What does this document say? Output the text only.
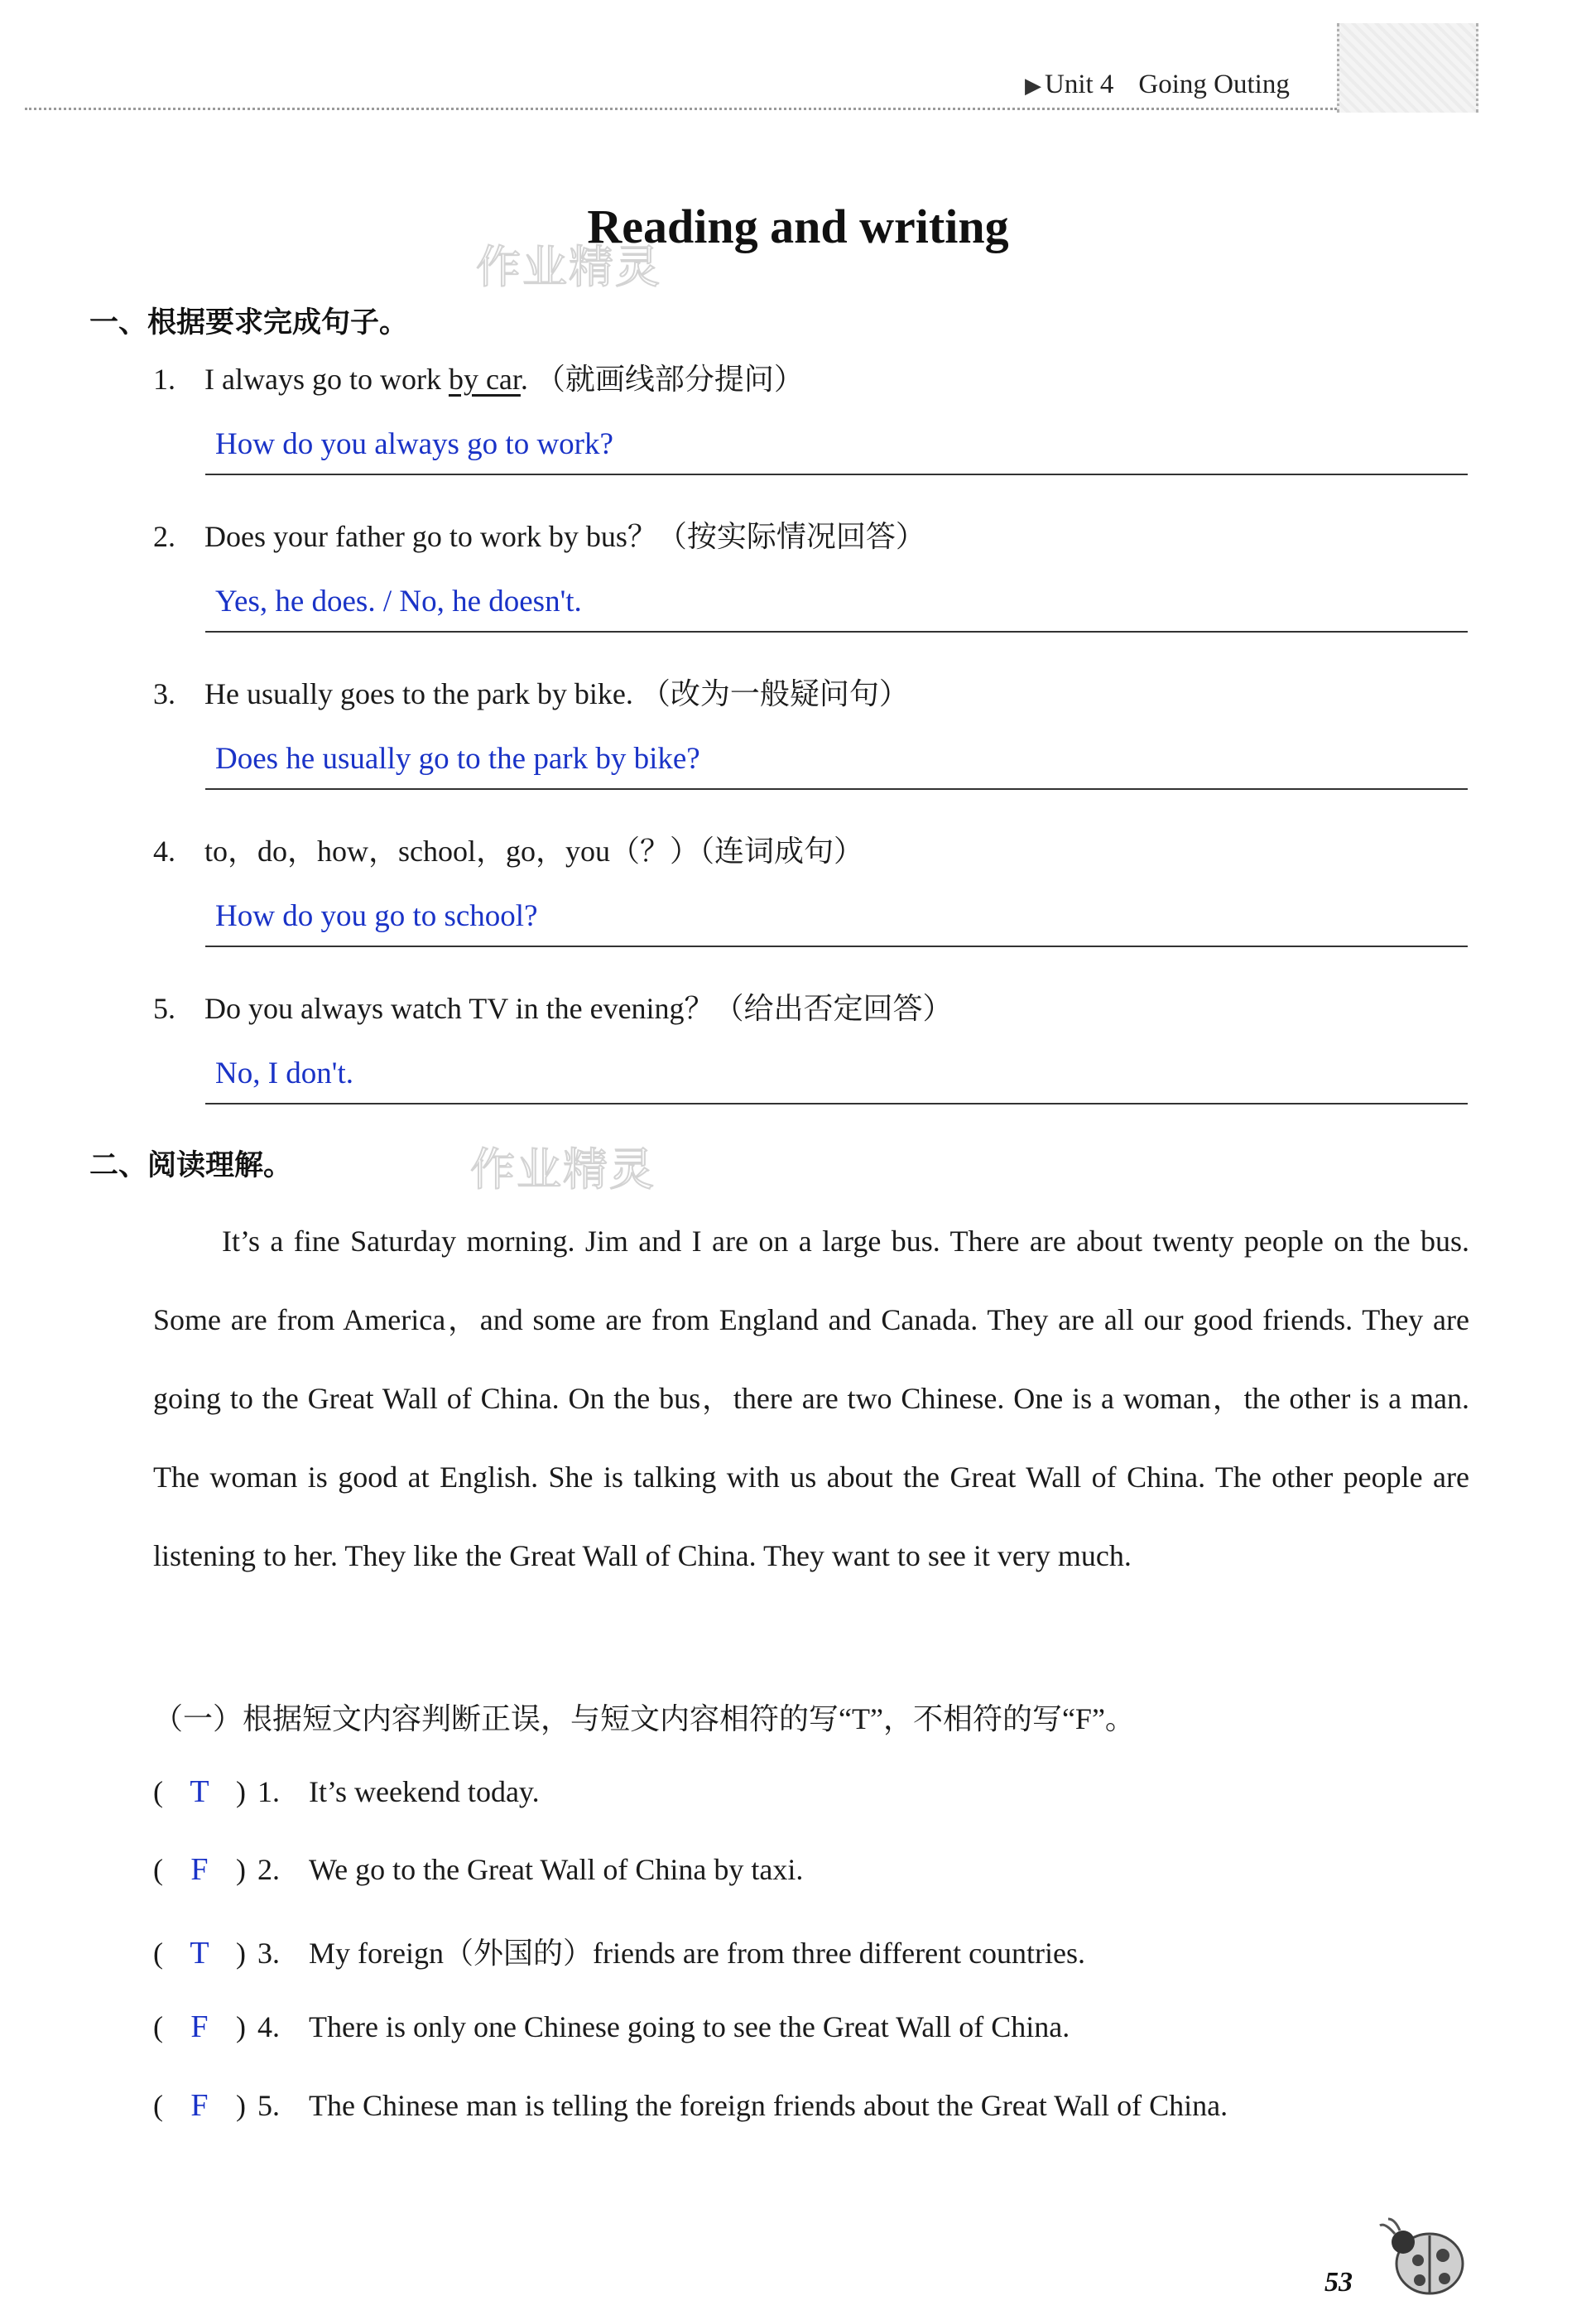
▶ Unit 4 Going Outing
作业精灵
Reading and writing
一、根据要求完成句子。
1. I always go to work by car. （就画线部分提问）
How do you always go to work?
2. Does your father go to work by bus？（按实际情况回答）
Yes, he does. / No, he doesn't.
3. He usually goes to the park by bike. （改为一般疑问句）
Does he usually go to the park by bike?
4. to，do，how，school，go，you（？）（连词成句）
How do you go to school?
5. Do you always watch TV in the evening？（给出否定回答）
No, I don't.
二、阅读理解。	作业精灵

It’s a fine Saturday morning. Jim and I are on a large bus. There are about twenty people on the bus. Some are from America，and some are from England and Canada. They are all our good friends. They are going to the Great Wall of China. On the bus，there are two Chinese. One is a woman，the other is a man. The woman is good at English. She is talking with us about the Great Wall of China. The other people are listening to her. They like the Great Wall of China. They want to see it very much.

（一）根据短文内容判断正误，与短文内容相符的写“T”，不相符的写“F”。
( T ) 1. It’s weekend today.
( F ) 2. We go to the Great Wall of China by taxi.
( T ) 3. My foreign（外国的）friends are from three different countries.
( F ) 4. There is only one Chinese going to see the Great Wall of China.
( F ) 5. The Chinese man is telling the foreign friends about the Great Wall of China.
53
